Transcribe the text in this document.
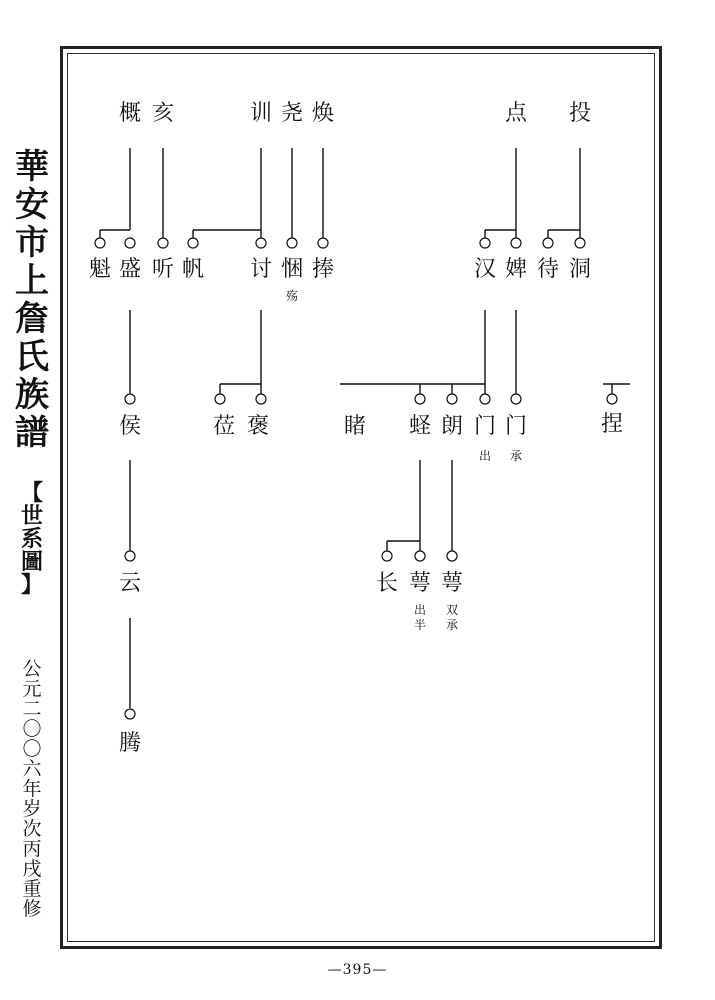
華
安
市
上
詹
氏
族
譜
【
世
系
圖
】
公
元
二
〇
〇
六
年
岁
次
丙
戌
重
修
概 亥	训 尧 焕	点 投
魁 盛 听 帆 讨 悃 捧	汉 婢 待 洞
殇
侯	莅 褒	睹 蛏 朗 门 门	捏
出 承
云	长 萼 萼
出
半
双
承
腾
—395—
